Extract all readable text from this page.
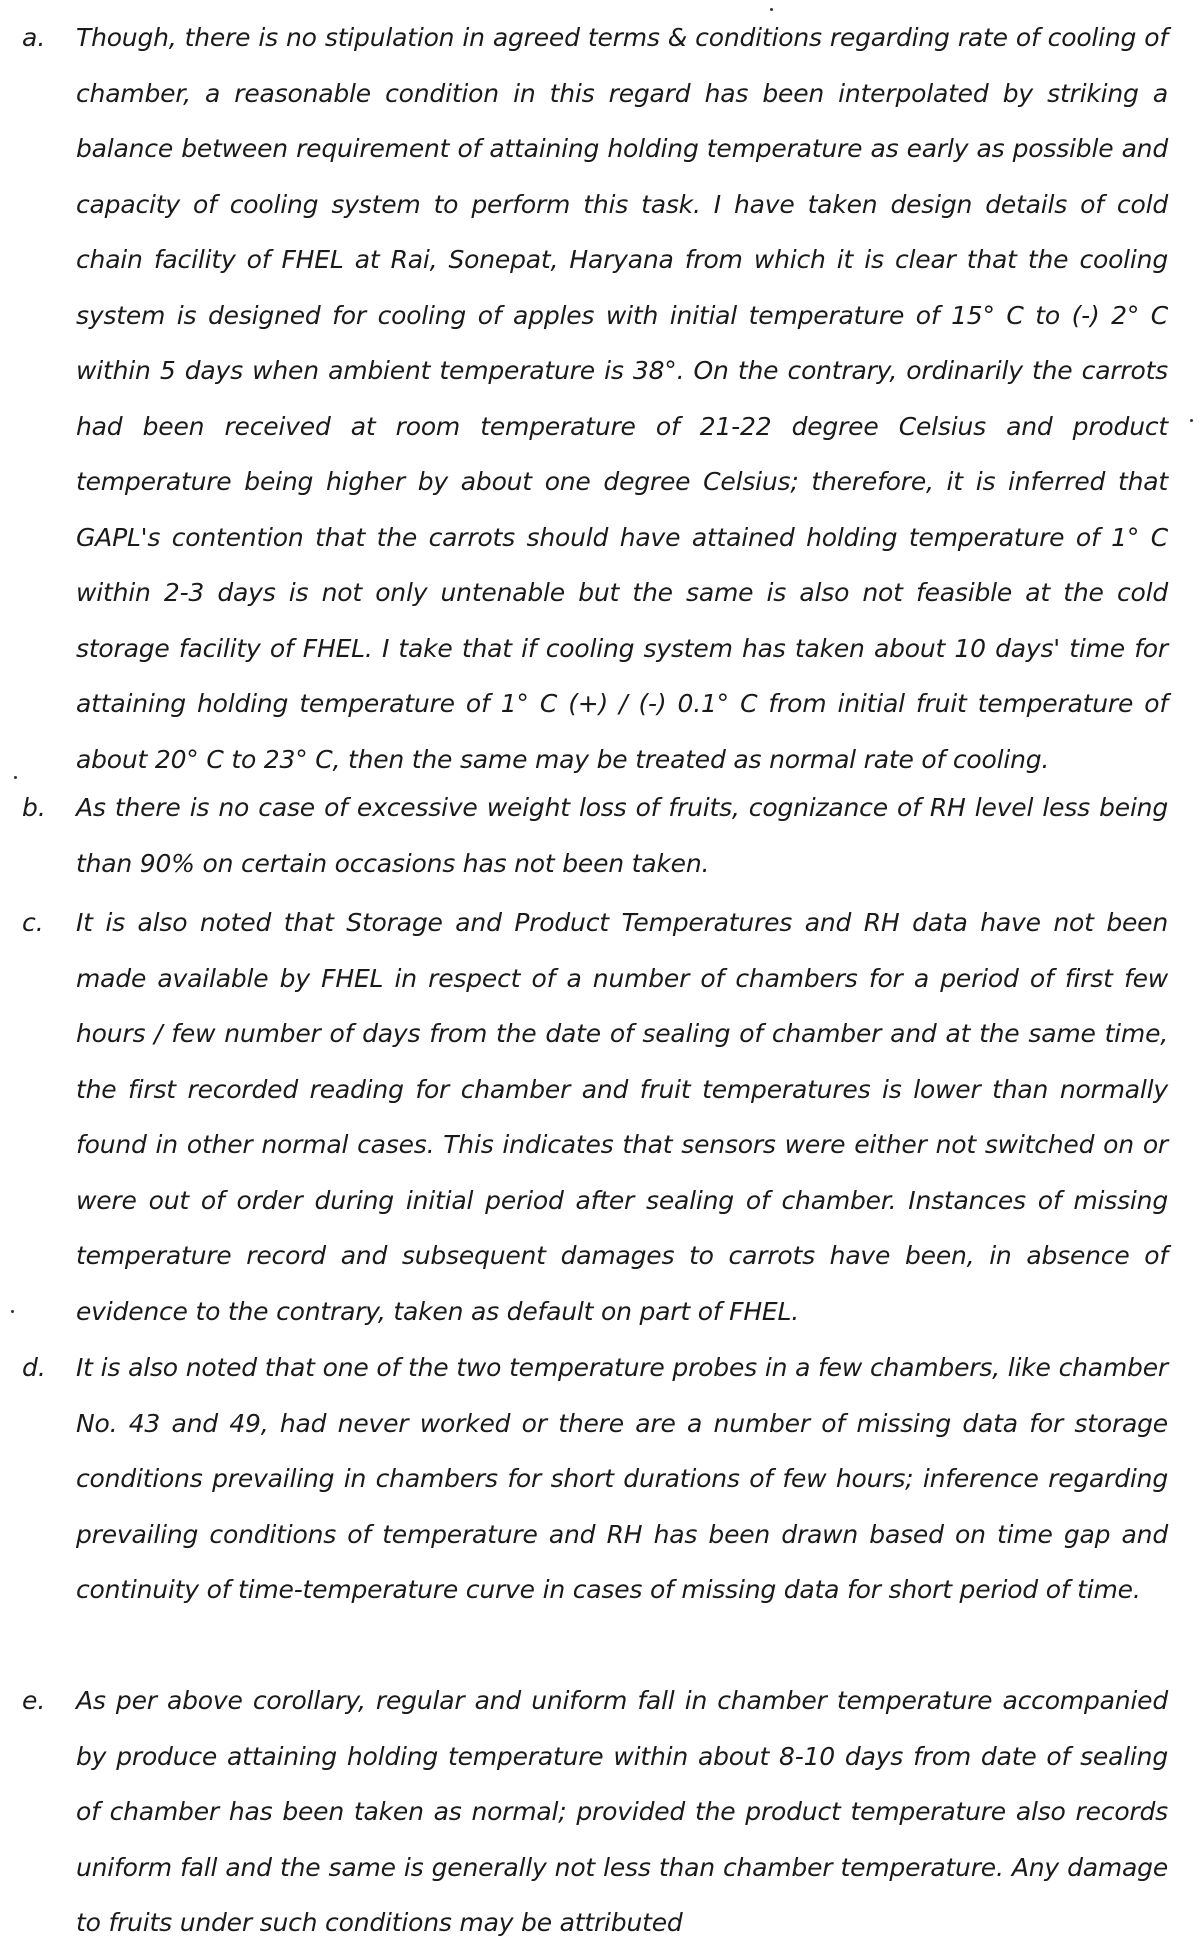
a. Though, there is no stipulation in agreed terms & conditions regarding rate of cooling of chamber, a reasonable condition in this regard has been interpolated by striking a balance between requirement of attaining holding temperature as early as possible and capacity of cooling system to perform this task. I have taken design details of cold chain facility of FHEL at Rai, Sonepat, Haryana from which it is clear that the cooling system is designed for cooling of apples with initial temperature of 15° C to (-) 2° C within 5 days when ambient temperature is 38°. On the contrary, ordinarily the carrots had been received at room temperature of 21-22 degree Celsius and product temperature being higher by about one degree Celsius; therefore, it is inferred that GAPL's contention that the carrots should have attained holding temperature of 1° C within 2-3 days is not only untenable but the same is also not feasible at the cold storage facility of FHEL. I take that if cooling system has taken about 10 days' time for attaining holding temperature of 1° C (+) / (-) 0.1° C from initial fruit temperature of about 20° C to 23° C, then the same may be treated as normal rate of cooling.
b. As there is no case of excessive weight loss of fruits, cognizance of RH level less being than 90% on certain occasions has not been taken.
c. It is also noted that Storage and Product Temperatures and RH data have not been made available by FHEL in respect of a number of chambers for a period of first few hours / few number of days from the date of sealing of chamber and at the same time, the first recorded reading for chamber and fruit temperatures is lower than normally found in other normal cases. This indicates that sensors were either not switched on or were out of order during initial period after sealing of chamber. Instances of missing temperature record and subsequent damages to carrots have been, in absence of evidence to the contrary, taken as default on part of FHEL.
d. It is also noted that one of the two temperature probes in a few chambers, like chamber No. 43 and 49, had never worked or there are a number of missing data for storage conditions prevailing in chambers for short durations of few hours; inference regarding prevailing conditions of temperature and RH has been drawn based on time gap and continuity of time-temperature curve in cases of missing data for short period of time.
e. As per above corollary, regular and uniform fall in chamber temperature accompanied by produce attaining holding temperature within about 8-10 days from date of sealing of chamber has been taken as normal; provided the product temperature also records uniform fall and the same is generally not less than chamber temperature. Any damage to fruits under such conditions may be attributed
